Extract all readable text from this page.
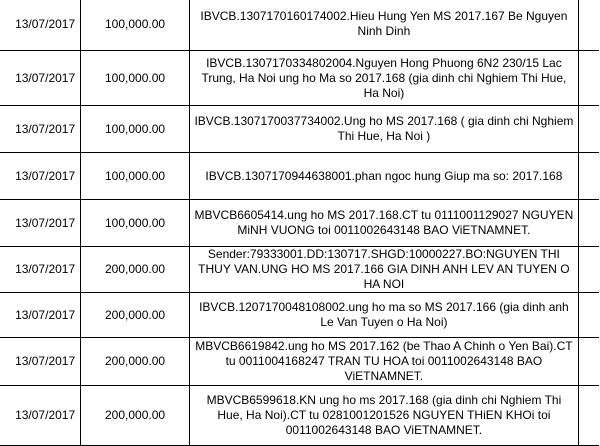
13/07/2017	100,000.00	IBVCB.1307170160174002.Hieu Hung Yen MS 2017.167 Be Nguyen Ninh Dinh	
13/07/2017	100,000.00	IBVCB.1307170334802004.Nguyen Hong Phuong 6N2 230/15 Lac Trung, Ha Noi ung ho Ma so 2017.168 (gia dinh chi Nghiem Thi Hue, Ha Noi)	
13/07/2017	100,000.00	IBVCB.1307170037734002.Ung ho MS 2017.168 ( gia dinh chi Nghiem Thi Hue, Ha Noi )	
13/07/2017	100,000.00	IBVCB.1307170944638001.phan ngoc hung Giup ma so: 2017.168	
13/07/2017	100,000.00	MBVCB6605414.ung ho MS 2017.168.CT tu 0111001129027 NGUYEN MiNH VUONG toi 0011002643148 BAO ViETNAMNET.	
13/07/2017	200,000.00	Sender:79333001.DD:130717.SHGD:10000227.BO:NGUYEN THI THUY VAN.UNG HO MS 2017.166 GIA DINH ANH LEV AN TUYEN O HA NOI	
13/07/2017	200,000.00	IBVCB.1207170048108002.ung ho ma so MS 2017.166 (gia dinh anh Le Van Tuyen o Ha Noi)	
13/07/2017	200,000.00	MBVCB6619842.ung ho MS 2017.162 (be Thao A Chinh o Yen Bai).CT tu 0011004168247 TRAN TU HOA toi 0011002643148 BAO ViETNAMNET.	
13/07/2017	200,000.00	MBVCB6599618.KN ung ho ms 2017.168 (gia dinh chi Nghiem Thi Hue, Ha Noi).CT tu 0281001201526 NGUYEN THiEN KHOi toi 0011002643148 BAO ViETNAMNET.	
